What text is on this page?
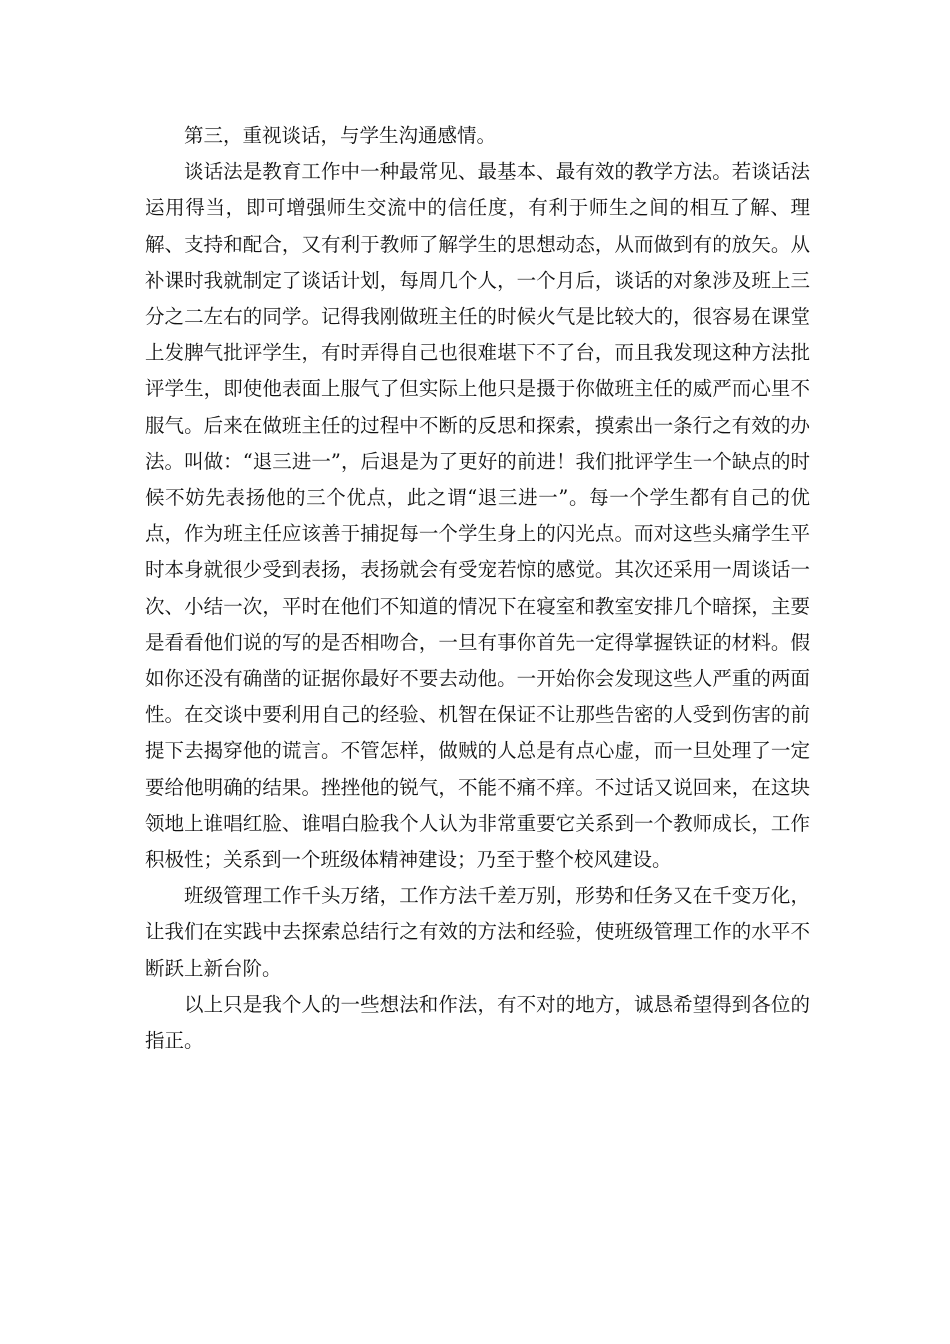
第三，重视谈话，与学生沟通感情。

谈话法是教育工作中一种最常见、最基本、最有效的教学方法。若谈话法运用得当，即可增强师生交流中的信任度，有利于师生之间的相互了解、理解、支持和配合，又有利于教师了解学生的思想动态，从而做到有的放矢。从补课时我就制定了谈话计划，每周几个人，一个月后，谈话的对象涉及班上三分之二左右的同学。记得我刚做班主任的时候火气是比较大的，很容易在课堂上发脾气批评学生，有时弄得自己也很难堪下不了台，而且我发现这种方法批评学生，即使他表面上服气了但实际上他只是摄于你做班主任的威严而心里不服气。后来在做班主任的过程中不断的反思和探索，摸索出一条行之有效的办法。叫做：“退三进一”，后退是为了更好的前进！我们批评学生一个缺点的时候不妨先表扬他的三个优点，此之谓“退三进一”。每一个学生都有自己的优点，作为班主任应该善于捕捉每一个学生身上的闪光点。而对这些头痛学生平时本身就很少受到表扬，表扬就会有受宠若惊的感觉。其次还采用一周谈话一次、小结一次，平时在他们不知道的情况下在寝室和教室安排几个暗探，主要是看看他们说的写的是否相吻合，一旦有事你首先一定得掌握铁证的材料。假如你还没有确凿的证据你最好不要去动他。一开始你会发现这些人严重的两面性。在交谈中要利用自己的经验、机智在保证不让那些告密的人受到伤害的前提下去揭穿他的谎言。不管怎样，做贼的人总是有点心虚，而一旦处理了一定要给他明确的结果。挫挫他的锐气，不能不痛不痒。不过话又说回来，在这块领地上谁唱红脸、谁唱白脸我个人认为非常重要它关系到一个教师成长，工作积极性；关系到一个班级体精神建设；乃至于整个校风建设。

班级管理工作千头万绪，工作方法千差万别，形势和任务又在千变万化，让我们在实践中去探索总结行之有效的方法和经验，使班级管理工作的水平不断跃上新台阶。

以上只是我个人的一些想法和作法，有不对的地方，诚恳希望得到各位的指正。
